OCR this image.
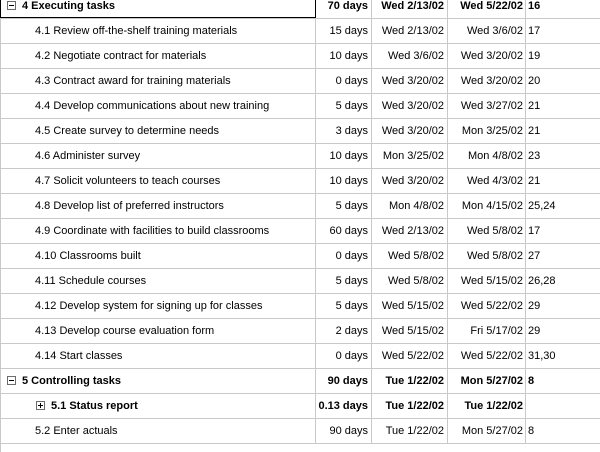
4 Executing tasks	70 days	Wed 2/13/02	Wed 5/22/02 16
4.1 Review off-the-shelf training materials	15 days	Wed 2/13/02	Wed 3/6/02 17
4.2 Negotiate contract for materials	10 days	Wed 3/6/02	Wed 3/20/02 19
4.3 Contract award for training materials	0 days	Wed 3/20/02	Wed 3/20/02 20
4.4 Develop communications about new training	5 days	Wed 3/20/02	Wed 3/27/02 21
4.5 Create survey to determine needs	3 days	Wed 3/20/02	Mon 3/25/02 21
4.6 Administer survey	10 days	Mon 3/25/02	Mon 4/8/02 23
4.7 Solicit volunteers to teach courses	10 days	Wed 3/20/02	Wed 4/3/02 21
4.8 Develop list of preferred instructors	5 days	Mon 4/8/02	Mon 4/15/02 25,24
4.9 Coordinate with facilities to build classrooms	60 days	Wed 2/13/02	Wed 5/8/02 17
4.10 Classrooms built	0 days	Wed 5/8/02	Wed 5/8/02 27
4.11 Schedule courses	5 days	Wed 5/8/02	Wed 5/15/02 26,28
4.12 Develop system for signing up for classes	5 days	Wed 5/15/02	Wed 5/22/02 29
4.13 Develop course evaluation form	2 days	Wed 5/15/02	Fri 5/17/02 29
4.14 Start classes	0 days	Wed 5/22/02	Wed 5/22/02 31,30
5 Controlling tasks	90 days	Tue 1/22/02	Mon 5/27/02 8
5.1 Status report	0.13 days	Tue 1/22/02	Tue 1/22/02
5.2 Enter actuals	90 days	Tue 1/22/02	Mon 5/27/02 8
